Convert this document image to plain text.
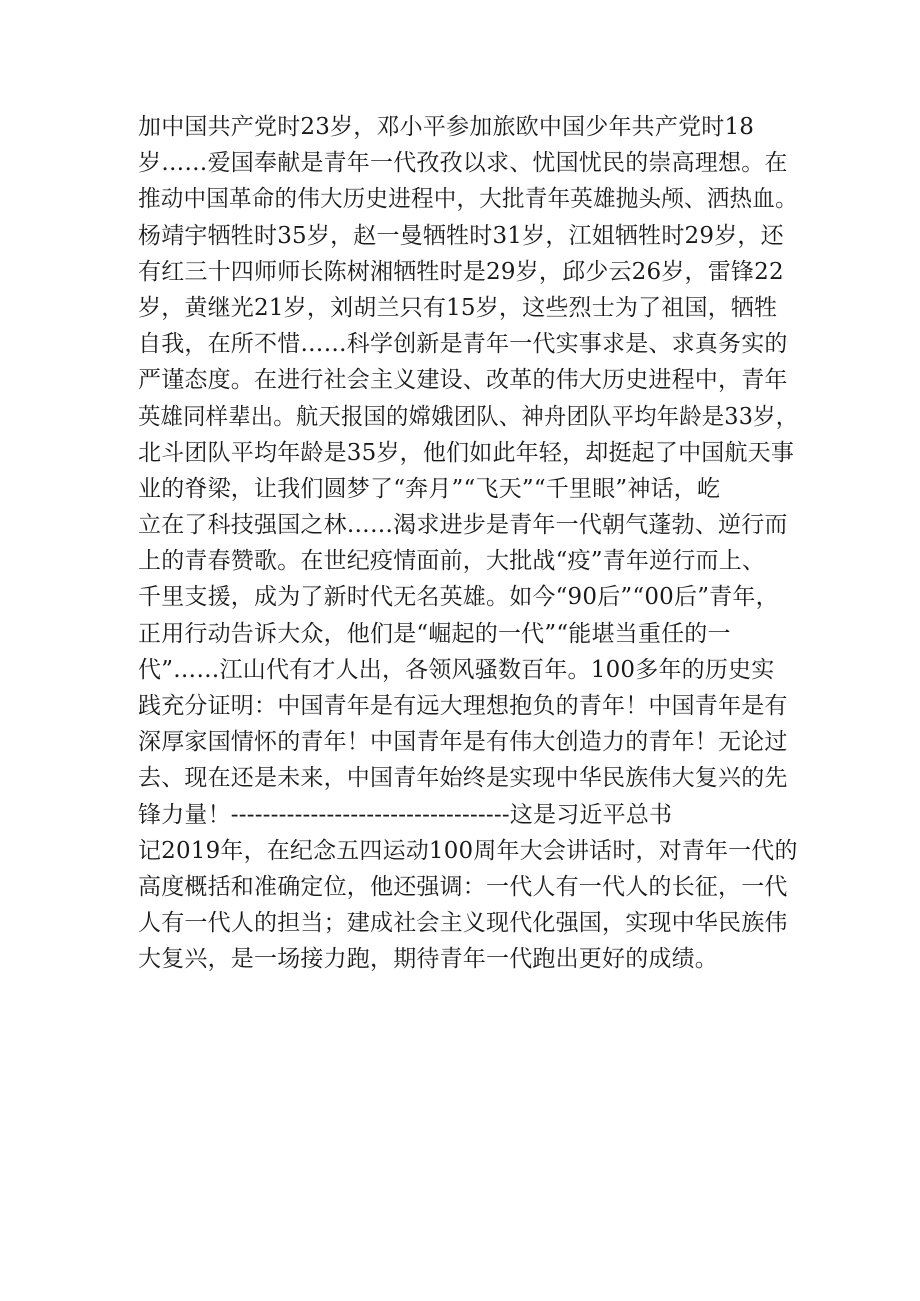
加中国共产党时23岁，邓小平参加旅欧中国少年共产党时18
岁……爱国奉献是青年一代孜孜以求、忧国忧民的崇高理想。在
推动中国革命的伟大历史进程中，大批青年英雄抛头颅、洒热血。
杨靖宇牺牲时35岁，赵一曼牺牲时31岁，江姐牺牲时29岁，还
有红三十四师师长陈树湘牺牲时是29岁，邱少云26岁，雷锋22
岁，黄继光21岁，刘胡兰只有15岁，这些烈士为了祖国，牺牲
自我，在所不惜……科学创新是青年一代实事求是、求真务实的
严谨态度。在进行社会主义建设、改革的伟大历史进程中，青年
英雄同样辈出。航天报国的嫦娥团队、神舟团队平均年龄是33岁，
北斗团队平均年龄是35岁，他们如此年轻，却挺起了中国航天事
业的脊梁，让我们圆梦了“奔月”“飞天”“千里眼”神话，屹
立在了科技强国之林……渴求进步是青年一代朝气蓬勃、逆行而
上的青春赞歌。在世纪疫情面前，大批战“疫”青年逆行而上、
千里支援，成为了新时代无名英雄。如今“90后”“00后”青年，
正用行动告诉大众，他们是“崛起的一代”“能堪当重任的一
代”……江山代有才人出，各领风骚数百年。100多年的历史实
践充分证明：中国青年是有远大理想抱负的青年！中国青年是有
深厚家国情怀的青年！中国青年是有伟大创造力的青年！无论过
去、现在还是未来，中国青年始终是实现中华民族伟大复兴的先
锋力量！-----------------------------------这是习近平总书
记2019年，在纪念五四运动100周年大会讲话时，对青年一代的
高度概括和准确定位，他还强调：一代人有一代人的长征，一代
人有一代人的担当；建成社会主义现代化强国，实现中华民族伟
大复兴，是一场接力跑，期待青年一代跑出更好的成绩。
